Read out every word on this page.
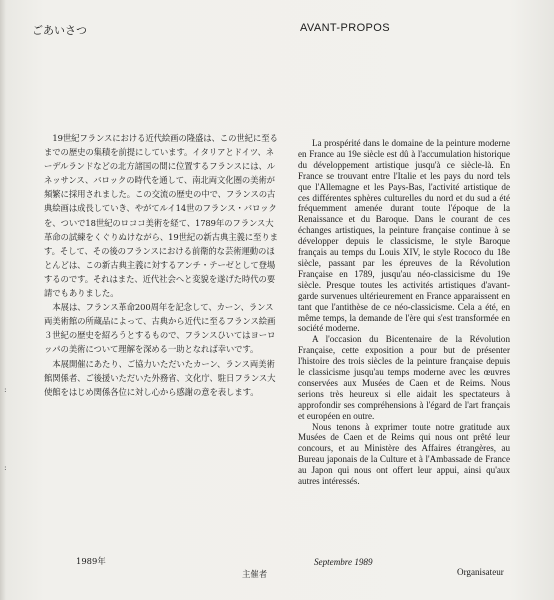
:
:
ごあいさつ

19世紀フランスにおける近代絵画の隆盛は、この世紀に至るまでの歴史の集積を前提にしています。イタリアとドイツ、ネーデルランドなどの北方諸国の間に位置するフランスには、ルネッサンス、バロックの時代を通して、南北両文化圏の美術が頻繁に採用されました。この交流の歴史の中で、フランスの古典絵画は成長していき、やがてルイ14世のフランス・バロックを、ついで18世紀のロココ美術を経て、1789年のフランス大革命の試練をくぐりぬけながら、19世紀の新古典主義に至ります。そして、その後のフランスにおける前衛的な芸術運動のほとんどは、この新古典主義に対するアンチ・テーゼとして登場するのです。それはまた、近代社会へと変貌を遂げた時代の要請でもありました。

本展は、フランス革命200周年を記念して、カーン、ランス両美術館の所蔵品によって、古典から近代に至るフランス絵画３世紀の歴史を紹ろうとするもので、フランスひいてはヨーロッパの美術について理解を深める一助となれば幸いです。

本展開催にあたり、ご協力いただいたカーン、ランス両美術館関係者、ご後援いただいた外務省、文化庁、駐日フランス大使館をはじめ関係各位に対し心から感謝の意を表します。

1989年
主催者
AVANT-PROPOS

La prospérité dans le domaine de la peinture moderne en France au 19e siècle est dû à l'accumulation historique du développement artistique jusqu'à ce siècle-là. En France se trouvant entre l'Italie et les pays du nord tels que l'Allemagne et les Pays-Bas, l'activité artistique de ces différentes sphères culturelles du nord et du sud a été fréquemment amenée durant toute l'époque de la Renaissance et du Baroque. Dans le courant de ces échanges artistiques, la peinture française continue à se développer depuis le classicisme, le style Baroque français au temps du Louis XIV, le style Rococo du 18e siècle, passant par les épreuves de la Révolution Française en 1789, jusqu'au néo-classicisme du 19e siècle. Presque toutes les activités artistiques d'avant-garde survenues ultérieurement en France apparaissent en tant que l'antithèse de ce néo-classicisme. Cela a été, en même temps, la demande de l'ère qui s'est transformée en société moderne.

A l'occasion du Bicentenaire de la Révolution Française, cette exposition a pour but de présenter l'histoire des trois siècles de la peinture française depuis le classicisme jusqu'au temps moderne avec les œuvres conservées aux Musées de Caen et de Reims. Nous serions très heureux si elle aidait les spectateurs à approfondir ses compréhensions à l'égard de l'art français et européen en outre.

Nous tenons à exprimer toute notre gratitude aux Musées de Caen et de Reims qui nous ont prêté leur concours, et au Ministère des Affaires étrangères, au Bureau japonais de la Culture et à l'Ambassade de France au Japon qui nous ont offert leur appui, ainsi qu'aux autres intéressés.

Septembre 1989
Organisateur
